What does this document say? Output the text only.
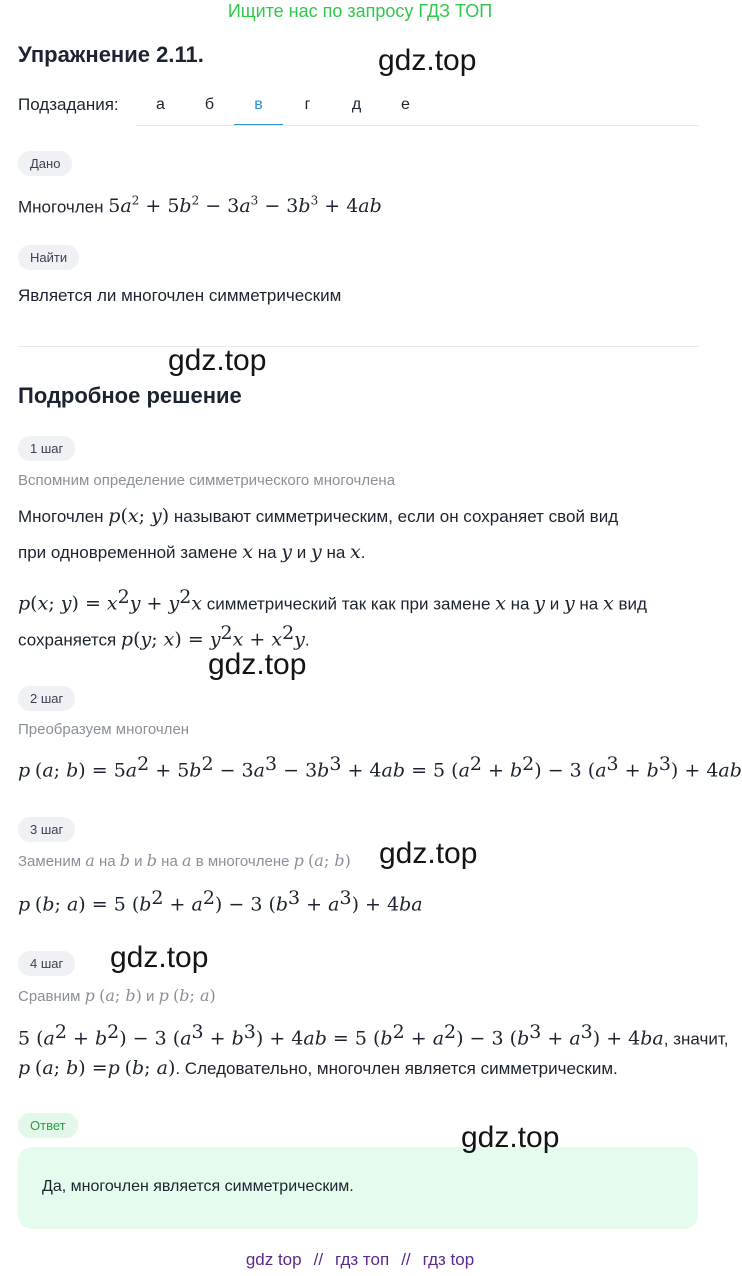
Ищите нас по запросу ГДЗ ТОП
Упражнение 2.11.	gdz.top
Подзадания:	а	б	в	г	д	е
Дано
Многочлен $5a^2 + 5b^2 - 3a^3 - 3b^3 + 4ab$
Найти
Является ли многочлен симметрическим
gdz.top
Подробное решение
1 шаг
Вспомним определение симметрического многочлена
Многочлен p(x; y) называют симметрическим, если он сохраняет свой вид
при одновременной замене x на y и y на x.
p(x; $y) = x^2y + y^2x$ симметрический так как при замене x на y и y на x вид
сохраняется p(y; $x) = y^2x + x^2y$.
gdz.top
2 шаг
Преобразуем многочлен
p (a; $b) = 5a^2 + 5b^2 - 3a^3 - 3b^3 + 4ab = 5$ $(a^2 + b^2) - 3$ $(a^3 + b^3) + 4ab$
3 шаг
Заменим a на b и b на a в многочлене p (a; b) gdz.top
p (b; a) = 5 $(b^2 + a^2) - 3$ $(b^3 + a^3) + 4ba$
4 шаг	gdz.top
Сравним p (a; b) и p (b; a)
5 $(a^2 + b^2) - 3$ $(a^3 + b^3) + 4ab = 5$ $(b^2 + a^2) - 3$ $(b^3 + a^3) + 4ba$, значит,
p (a; b) =p (b; a). Следовательно, многочлен является симметрическим.
Ответ	gdz.top
Да, многочлен является симметрическим.
gdz top // гдз топ // гдз top
